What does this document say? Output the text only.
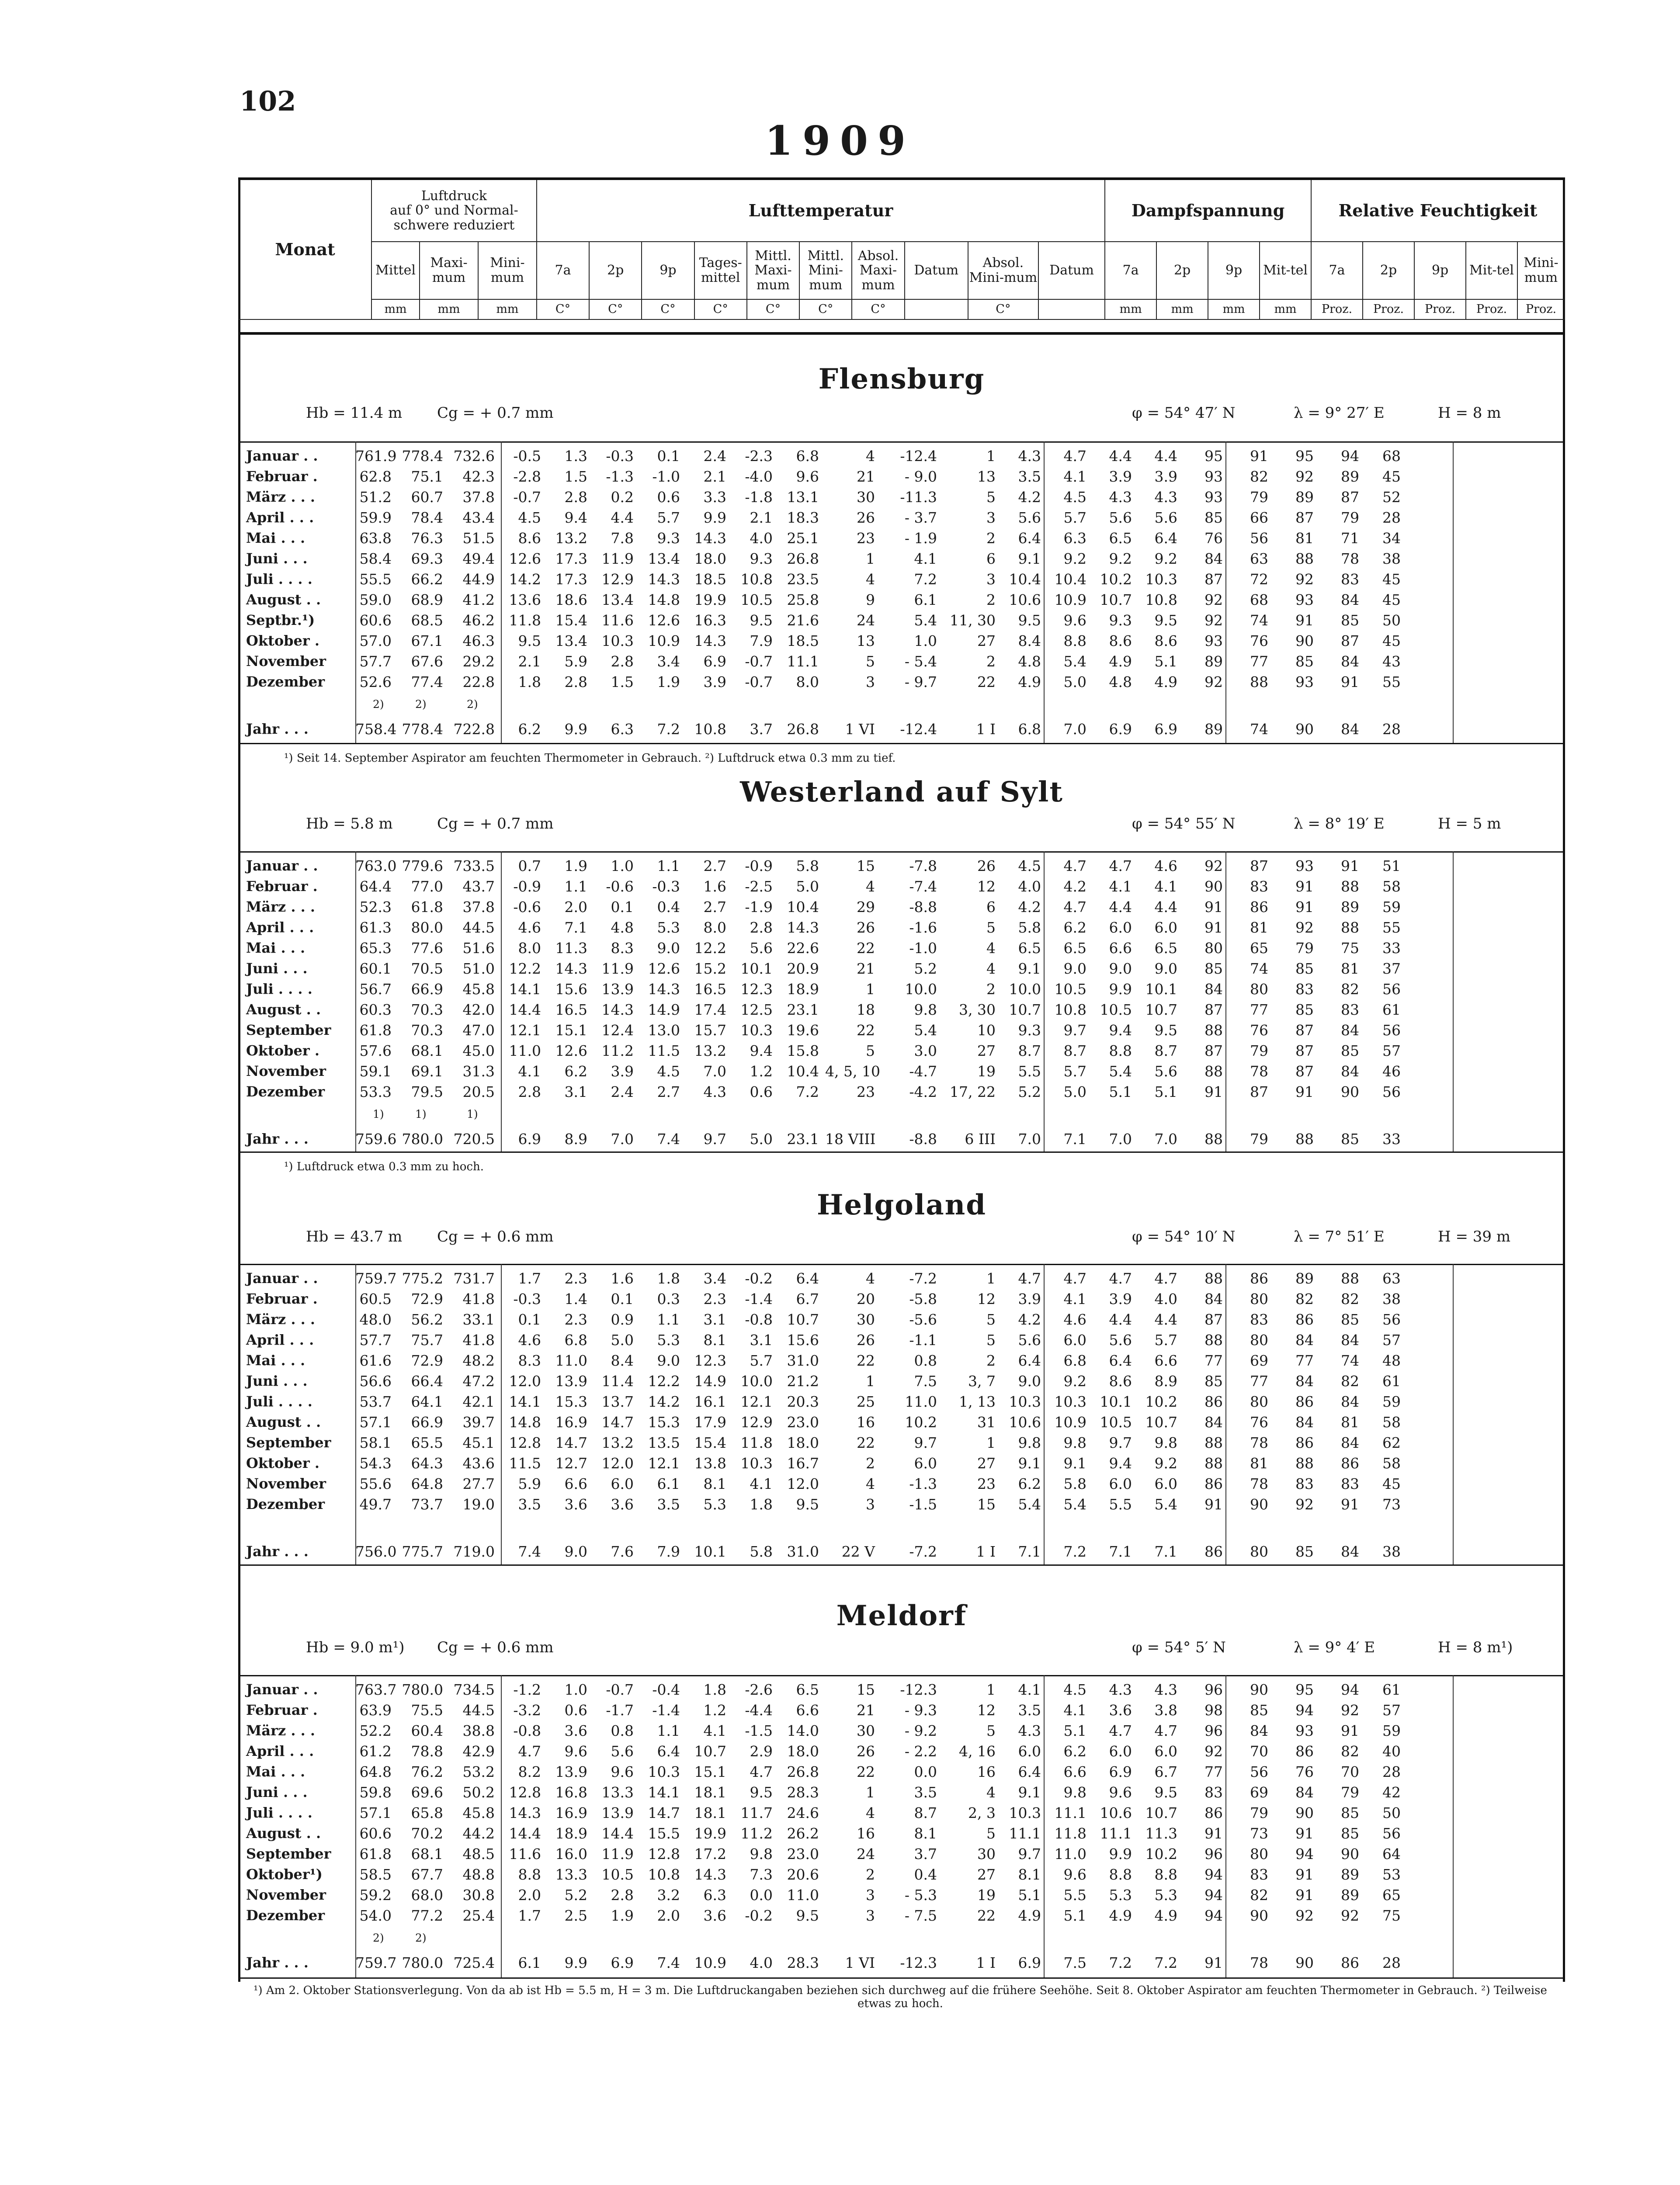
102
1909
Monat	Luftdruck
auf 0° und Normal-schwere reduziert			Lufttemperatur										Dampfspannung				Relative Feuchtigkeit				
	Mittel	Maxi-mum	Mini-mum	7a	2p	9p	Tages-mittel	Mittl. Maxi-mum	Mittl. Mini-mum	Absol. Maxi-mum	Datum	Absol. Mini-mum	Datum	7a	2p	9p	Mit-tel	7a	2p	9p	Mit-tel	Mini-mum
	mm	mm	mm	C°	C°	C°	C°	C°	C°	C°		C°		mm	mm	mm	mm	Proz.	Proz.	Proz.	Proz.	Proz.
Flensburg
Hb = 11.4 m Cg = + 0.7 mm	φ = 54° 47′ N	λ = 9° 27′ E	H = 8 m
Januar . .	761.9 778.4 732.6	-0.5	1.3	-0.3	0.1	2.4	-2.3	6.8	4	-12.4	1	4.3	4.7	4.4	4.4	95	91	95	94	68
Februar .	62.8	75.1	42.3	-2.8	1.5	-1.3	-1.0	2.1	-4.0	9.6	21	- 9.0	13	3.5	4.1	3.9	3.9	93	82	92	89	45
März . . .	51.2	60.7	37.8	-0.7	2.8	0.2	0.6	3.3	-1.8 13.1	30	-11.3	5	4.2	4.5	4.3	4.3	93	79	89	87	52
April . . .	59.9	78.4	43.4	4.5	9.4	4.4	5.7	9.9	2.1 18.3	26	- 3.7	3	5.6	5.7	5.6	5.6	85	66	87	79	28
Mai . . .	63.8	76.3	51.5	8.6 13.2	7.8	9.3 14.3	4.0 25.1	23	- 1.9	2	6.4	6.3	6.5	6.4	76	56	81	71	34
Juni . . .	58.4	69.3	49.4 12.6 17.3 11.9 13.4 18.0	9.3 26.8	1	4.1	6	9.1	9.2	9.2	9.2	84	63	88	78	38
Juli . . . .	55.5	66.2	44.9 14.2 17.3 12.9 14.3 18.5 10.8 23.5	4	7.2	3 10.4 10.4 10.2 10.3	87	72	92	83	45
August . .	59.0	68.9	41.2 13.6 18.6 13.4 14.8 19.9 10.5 25.8	9	6.1	2 10.6 10.9 10.7 10.8	92	68	93	84	45
Septbr.¹)	60.6	68.5	46.2 11.8 15.4 11.6 12.6 16.3	9.5 21.6	24	5.4 11, 30	9.5	9.6	9.3	9.5	92	74	91	85	50
Oktober .	57.0	67.1	46.3	9.5 13.4 10.3 10.9 14.3	7.9 18.5	13	1.0	27	8.4	8.8	8.6	8.6	93	76	90	87	45
November	57.7	67.6	29.2	2.1	5.9	2.8	3.4	6.9	-0.7 11.1	5	- 5.4	2	4.8	5.4	4.9	5.1	89	77	85	84	43
Dezember	52.6	77.4	22.8	1.8	2.8	1.5	1.9	3.9	-0.7	8.0	3	- 9.7	22	4.9	5.0	4.8	4.9	92	88	93	91	55
Jahr . . .	758.4 778.4 722.8	6.2	9.9	6.3	7.2 10.8	3.7 26.8	1 VI	-12.4	1 I	6.8	7.0	6.9	6.9	89	74	90	84	28
2)	2)	2)
¹) Seit 14. September Aspirator am feuchten Thermometer in Gebrauch. ²) Luftdruck etwa 0.3 mm zu tief.
Westerland auf Sylt
Hb = 5.8 m	Cg = + 0.7 mm	φ = 54° 55′ N	λ = 8° 19′ E	H = 5 m
Januar . .	763.0 779.6 733.5	0.7	1.9	1.0	1.1	2.7	-0.9	5.8	15	-7.8	26	4.5	4.7	4.7	4.6	92	87	93	91	51
Februar .	64.4	77.0	43.7	-0.9	1.1	-0.6	-0.3	1.6	-2.5	5.0	4	-7.4	12	4.0	4.2	4.1	4.1	90	83	91	88	58
März . . .	52.3	61.8	37.8	-0.6	2.0	0.1	0.4	2.7	-1.9 10.4	29	-8.8	6	4.2	4.7	4.4	4.4	91	86	91	89	59
April . . .	61.3	80.0	44.5	4.6	7.1	4.8	5.3	8.0	2.8 14.3	26	-1.6	5	5.8	6.2	6.0	6.0	91	81	92	88	55
Mai . . .	65.3	77.6	51.6	8.0 11.3	8.3	9.0 12.2	5.6 22.6	22	-1.0	4	6.5	6.5	6.6	6.5	80	65	79	75	33
Juni . . .	60.1	70.5	51.0 12.2 14.3 11.9 12.6 15.2 10.1 20.9	21	5.2	4	9.1	9.0	9.0	9.0	85	74	85	81	37
Juli . . . .	56.7	66.9	45.8 14.1 15.6 13.9 14.3 16.5 12.3 18.9	1	10.0	2 10.0 10.5	9.9 10.1	84	80	83	82	56
August . .	60.3	70.3	42.0 14.4 16.5 14.3 14.9 17.4 12.5 23.1	18	9.8	3, 30 10.7 10.8 10.5 10.7	87	77	85	83	61
September	61.8	70.3	47.0 12.1 15.1 12.4 13.0 15.7 10.3 19.6	22	5.4	10	9.3	9.7	9.4	9.5	88	76	87	84	56
Oktober .	57.6	68.1	45.0 11.0 12.6 11.2 11.5 13.2	9.4 15.8	5	3.0	27	8.7	8.7	8.8	8.7	87	79	87	85	57
November	59.1	69.1	31.3	4.1	6.2	3.9	4.5	7.0	1.2 10.4 4, 5, 10	-4.7	19	5.5	5.7	5.4	5.6	88	78	87	84	46
Dezember	53.3	79.5	20.5	2.8	3.1	2.4	2.7	4.3	0.6	7.2	23	-4.2 17, 22	5.2	5.0	5.1	5.1	91	87	91	90	56
Jahr . . .	759.6 780.0 720.5	6.9	8.9	7.0	7.4	9.7	5.0 23.1 18 VIII	-8.8	6 III	7.0	7.1	7.0	7.0	88	79	88	85	33
1)	1)	1)
¹) Luftdruck etwa 0.3 mm zu hoch.
Helgoland
Hb = 43.7 m Cg = + 0.6 mm	φ = 54° 10′ N	λ = 7° 51′ E	H = 39 m
Januar . .	759.7 775.2 731.7	1.7	2.3	1.6	1.8	3.4	-0.2	6.4	4	-7.2	1	4.7	4.7	4.7	4.7	88	86	89	88	63
Februar .	60.5	72.9	41.8	-0.3	1.4	0.1	0.3	2.3	-1.4	6.7	20	-5.8	12	3.9	4.1	3.9	4.0	84	80	82	82	38
März . . .	48.0	56.2	33.1	0.1	2.3	0.9	1.1	3.1	-0.8 10.7	30	-5.6	5	4.2	4.6	4.4	4.4	87	83	86	85	56
April . . .	57.7	75.7	41.8	4.6	6.8	5.0	5.3	8.1	3.1 15.6	26	-1.1	5	5.6	6.0	5.6	5.7	88	80	84	84	57
Mai . . .	61.6	72.9	48.2	8.3 11.0	8.4	9.0 12.3	5.7 31.0	22	0.8	2	6.4	6.8	6.4	6.6	77	69	77	74	48
Juni . . .	56.6	66.4	47.2 12.0 13.9 11.4 12.2 14.9 10.0 21.2	1	7.5	3, 7	9.0	9.2	8.6	8.9	85	77	84	82	61
Juli . . . .	53.7	64.1	42.1 14.1 15.3 13.7 14.2 16.1 12.1 20.3	25	11.0	1, 13 10.3 10.3 10.1 10.2	86	80	86	84	59
August . .	57.1	66.9	39.7 14.8 16.9 14.7 15.3 17.9 12.9 23.0	16	10.2	31 10.6 10.9 10.5 10.7	84	76	84	81	58
September	58.1	65.5	45.1 12.8 14.7 13.2 13.5 15.4 11.8 18.0	22	9.7	1	9.8	9.8	9.7	9.8	88	78	86	84	62
Oktober .	54.3	64.3	43.6 11.5 12.7 12.0 12.1 13.8 10.3 16.7	2	6.0	27	9.1	9.1	9.4	9.2	88	81	88	86	58
November	55.6	64.8	27.7	5.9	6.6	6.0	6.1	8.1	4.1 12.0	4	-1.3	23	6.2	5.8	6.0	6.0	86	78	83	83	45
Dezember	49.7	73.7	19.0	3.5	3.6	3.6	3.5	5.3	1.8	9.5	3	-1.5	15	5.4	5.4	5.5	5.4	91	90	92	91	73
Jahr . . .	756.0 775.7 719.0	7.4	9.0	7.6	7.9 10.1	5.8 31.0	22 V	-7.2	1 I	7.1	7.2	7.1	7.1	86	80	85	84	38
Meldorf
Hb = 9.0 m¹) Cg = + 0.6 mm	φ = 54° 5′ N	λ = 9° 4′ E	H = 8 m¹)
Januar . .	763.7 780.0 734.5	-1.2	1.0	-0.7	-0.4	1.8	-2.6	6.5	15	-12.3	1	4.1	4.5	4.3	4.3	96	90	95	94	61
Februar .	63.9	75.5	44.5	-3.2	0.6	-1.7	-1.4	1.2	-4.4	6.6	21	- 9.3	12	3.5	4.1	3.6	3.8	98	85	94	92	57
März . . .	52.2	60.4	38.8	-0.8	3.6	0.8	1.1	4.1	-1.5 14.0	30	- 9.2	5	4.3	5.1	4.7	4.7	96	84	93	91	59
April . . .	61.2	78.8	42.9	4.7	9.6	5.6	6.4 10.7	2.9 18.0	26	- 2.2	4, 16	6.0	6.2	6.0	6.0	92	70	86	82	40
Mai . . .	64.8	76.2	53.2	8.2 13.9	9.6 10.3 15.1	4.7 26.8	22	0.0	16	6.4	6.6	6.9	6.7	77	56	76	70	28
Juni . . .	59.8	69.6	50.2 12.8 16.8 13.3 14.1 18.1	9.5 28.3	1	3.5	4	9.1	9.8	9.6	9.5	83	69	84	79	42
Juli . . . .	57.1	65.8	45.8 14.3 16.9 13.9 14.7 18.1 11.7 24.6	4	8.7	2, 3 10.3 11.1 10.6 10.7	86	79	90	85	50
August . .	60.6	70.2	44.2 14.4 18.9 14.4 15.5 19.9 11.2 26.2	16	8.1	5 11.1 11.8 11.1 11.3	91	73	91	85	56
September	61.8	68.1	48.5 11.6 16.0 11.9 12.8 17.2	9.8 23.0	24	3.7	30	9.7 11.0	9.9 10.2	96	80	94	90	64
Oktober¹)	58.5	67.7	48.8	8.8 13.3 10.5 10.8 14.3	7.3 20.6	2	0.4	27	8.1	9.6	8.8	8.8	94	83	91	89	53
November	59.2	68.0	30.8	2.0	5.2	2.8	3.2	6.3	0.0 11.0	3	- 5.3	19	5.1	5.5	5.3	5.3	94	82	91	89	65
Dezember	54.0	77.2	25.4	1.7	2.5	1.9	2.0	3.6	-0.2	9.5	3	- 7.5	22	4.9	5.1	4.9	4.9	94	90	92	92	75
Jahr . . .	759.7 780.0 725.4	6.1	9.9	6.9	7.4 10.9	4.0 28.3	1 VI	-12.3	1 I	6.9	7.5	7.2	7.2	91	78	90	86	28
2)	2)
¹) Am 2. Oktober Stationsverlegung. Von da ab ist Hb = 5.5 m, H = 3 m. Die Luftdruckangaben beziehen sich durchweg auf die frühere Seehöhe. Seit 8. Oktober Aspirator am feuchten Thermometer in Gebrauch. ²) Teilweise etwas zu hoch.
